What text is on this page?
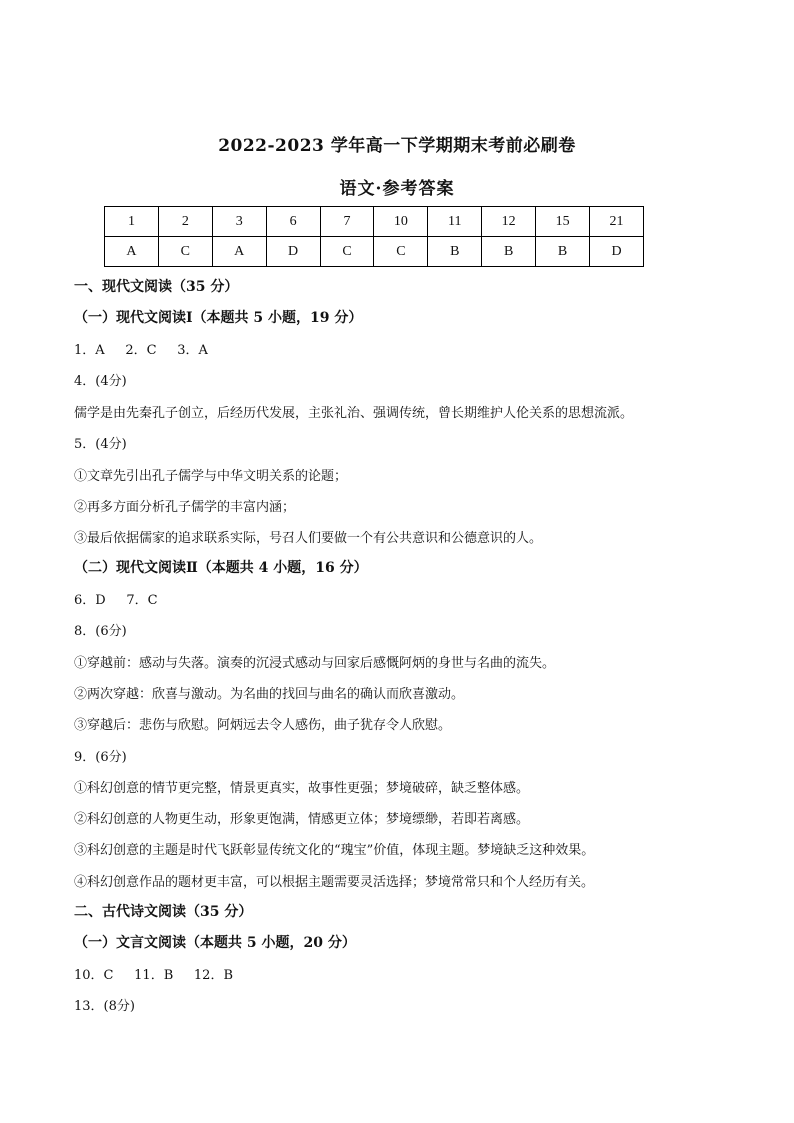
2022-2023 学年高一下学期期末考前必刷卷
语文·参考答案
1	2	3	6	7	10	11	12	15	21
A	C	A	D	C	C	B	B	B	D
一、现代文阅读（35 分）
（一）现代文阅读Ⅰ（本题共 5 小题，19 分）
1．A     2．C     3．A
4．(4分)
儒学是由先秦孔子创立，后经历代发展，主张礼治、强调传统，曾长期维护人伦关系的思想流派。
5．(4分)
①文章先引出孔子儒学与中华文明关系的论题；
②再多方面分析孔子儒学的丰富内涵；
③最后依据儒家的追求联系实际，号召人们要做一个有公共意识和公德意识的人。
（二）现代文阅读Ⅱ（本题共 4 小题，16 分）
6．D     7．C
8．(6分)
①穿越前：感动与失落。演奏的沉浸式感动与回家后感慨阿炳的身世与名曲的流失。
②两次穿越：欣喜与激动。为名曲的找回与曲名的确认而欣喜激动。
③穿越后：悲伤与欣慰。阿炳远去令人感伤，曲子犹存令人欣慰。
9．(6分)
①科幻创意的情节更完整，情景更真实，故事性更强；梦境破碎，缺乏整体感。
②科幻创意的人物更生动，形象更饱满，情感更立体；梦境缥缈，若即若离感。
③科幻创意的主题是时代飞跃彰显传统文化的“瑰宝”价值，体现主题。梦境缺乏这种效果。
④科幻创意作品的题材更丰富，可以根据主题需要灵活选择；梦境常常只和个人经历有关。
二、古代诗文阅读（35 分）
（一）文言文阅读（本题共 5 小题，20 分）
10．C     11．B     12．B
13．(8分)
